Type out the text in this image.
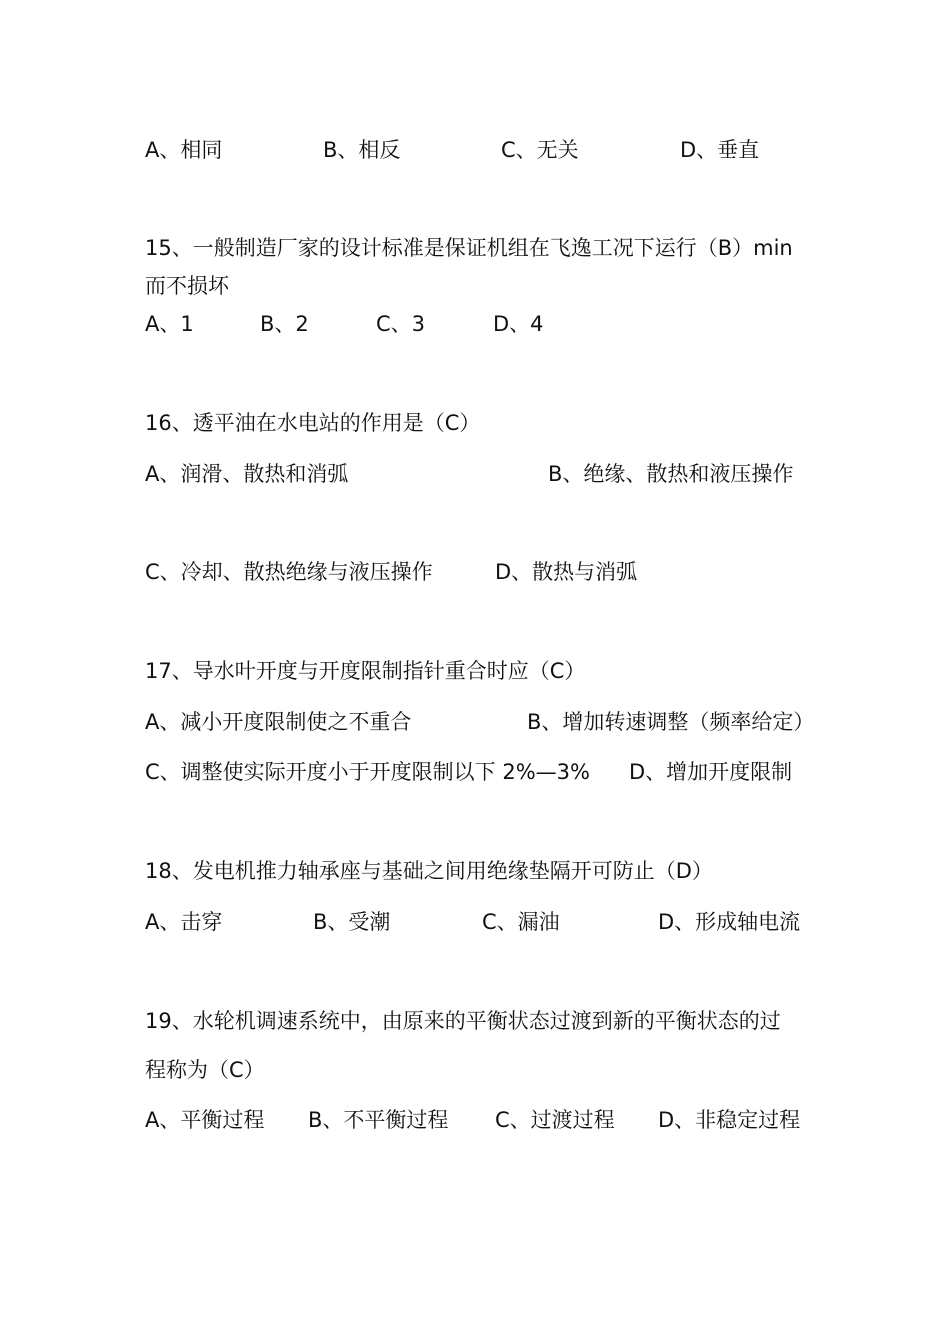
A、相同	B、相反	C、无关	D、垂直
15、一般制造厂家的设计标准是保证机组在飞逸工况下运行（B）min
而不损坏
A、1	B、2	C、3	D、4
16、透平油在水电站的作用是（C）
A、润滑、散热和消弧	B、绝缘、散热和液压操作
C、冷却、散热绝缘与液压操作	D、散热与消弧
17、导水叶开度与开度限制指针重合时应（C）
A、减小开度限制使之不重合	B、增加转速调整（频率给定）
C、调整使实际开度小于开度限制以下 2%—3% D、增加开度限制
18、发电机推力轴承座与基础之间用绝缘垫隔开可防止（D）
A、击穿	B、受潮	C、漏油	D、形成轴电流
19、水轮机调速系统中，由原来的平衡状态过渡到新的平衡状态的过
程称为（C）
A、平衡过程 B、不平衡过程 C、过渡过程 D、非稳定过程
